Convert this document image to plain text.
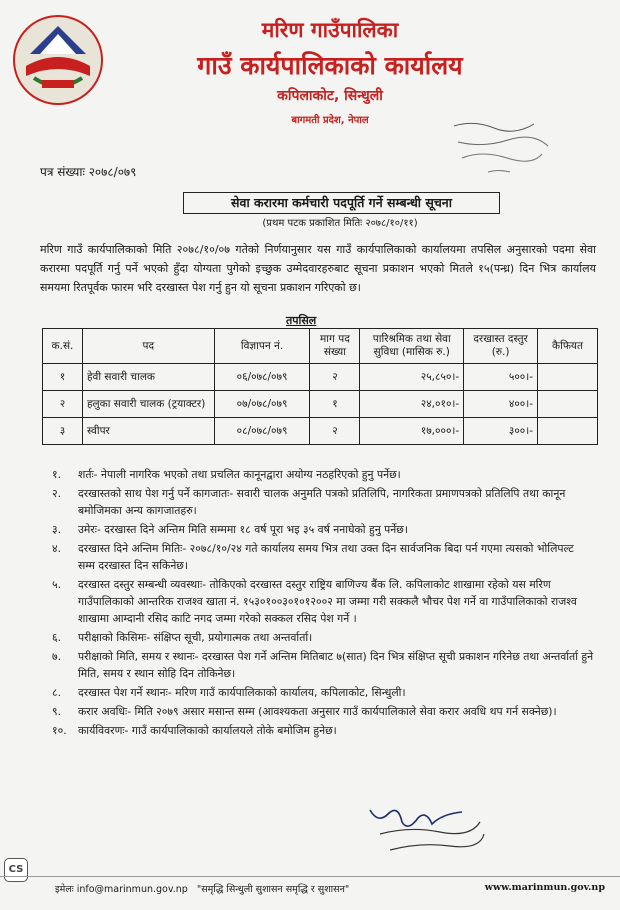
मरिण गाउँपालिका
गाउँ कार्यपालिकाको कार्यालय
कपिलाकोट, सिन्धुली
बागमती प्रदेश, नेपाल
पत्र संख्याः २०७८/०७९
सेवा करारमा कर्मचारी पदपूर्ति गर्ने सम्बन्धी सूचना
(प्रथम पटक प्रकाशित मितिः २०७८/१०/११)
मरिण गाउँ कार्यपालिकाको मिति २०७८/१०/०७ गतेको निर्णयानुसार यस गाउँ कार्यपालिकाको कार्यालयमा तपसिल अनुसारको पदमा सेवा करारमा पदपूर्ति गर्नु पर्ने भएको हुँदा योग्यता पुगेको इच्छुक उम्मेदवारहरुबाट सूचना प्रकाशन भएको मितले १५(पन्ध्र) दिन भित्र कार्यालय समयमा रितपूर्वक फारम भरि दरखास्त पेश गर्नु हुन यो सूचना प्रकाशन गरिएको छ।
तपसिल
क.सं.	पद	विज्ञापन नं.	माग पद संख्या	पारिश्रमिक तथा सेवा सुविधा (मासिक रु.)	दरखास्त दस्तुर (रु.)	कैफियत
१	हेवी सवारी चालक	०६/०७८/०७९	२	२५,८५०।-	५००।-	
२	हलुका सवारी चालक (ट्रयाक्टर)	०७/०७८/०७९	१	२४,०१०।-	४००।-	
३	स्वीपर	०८/०७८/०७९	२	१७,०००।-	३००।-	
१. शर्तः- नेपाली नागरिक भएको तथा प्रचलित कानूनद्वारा अयोग्य नठहरिएको हुनु पर्नेछ।
२. दरखास्तको साथ पेश गर्नु पर्ने कागजातः- सवारी चालक अनुमति पत्रको प्रतिलिपि, नागरिकता प्रमाणपत्रको प्रतिलिपि तथा कानून बमोजिमका अन्य कागजातहरु।
३. उमेरः- दरखास्त दिने अन्तिम मिति सम्ममा १८ वर्ष पूरा भइ ३५ वर्ष ननाघेको हुनु पर्नेछ।
४. दरखास्त दिने अन्तिम मितिः- २०७८/१०/२४ गते कार्यालय समय भित्र तथा उक्त दिन सार्वजनिक बिदा पर्न गएमा त्यसको भोलिपल्ट सम्म दरखास्त दिन सकिनेछ।
५. दरखास्त दस्तुर सम्बन्धी व्यवस्थाः- तोकिएको दरखास्त दस्तुर राष्ट्रिय बाणिज्य बैंक लि. कपिलाकोट शाखामा रहेको यस मरिण गाउँपालिकाको आन्तरिक राजश्व खाता नं. १५३०१००३०१०१२००२ मा जम्मा गरी सक्कलै भौचर पेश गर्ने वा गाउँपालिकाको राजश्व शाखामा आम्दानी रसिद काटि नगद जम्मा गरेको सक्कल रसिद पेश गर्ने ।
६. परीक्षाको किसिमः- संक्षिप्त सूची, प्रयोगात्मक तथा अन्तर्वार्ता।
७. परीक्षाको मिति, समय र स्थानः- दरखास्त पेश गर्ने अन्तिम मितिबाट ७(सात) दिन भित्र संक्षिप्त सूची प्रकाशन गरिनेछ तथा अन्तर्वार्ता हुने मिति, समय र स्थान सोहि दिन तोकिनेछ।
८. दरखास्त पेश गर्ने स्थानः- मरिण गाउँ कार्यपालिकाको कार्यालय, कपिलाकोट, सिन्धुली।
९. करार अवधिः- मिति २०७९ असार मसान्त सम्म (आवश्यकता अनुसार गाउँ कार्यपालिकाले सेवा करार अवधि थप गर्न सक्नेछ)।
१०. कार्यविवरणः- गाउँ कार्यपालिकाको कार्यालयले तोके बमोजिम हुनेछ।
CS
इमेलः info@marinmun.gov.np "समृद्धि सिन्धुली सुशासन समृद्धि र सुशासन"	www.marinmun.gov.np
